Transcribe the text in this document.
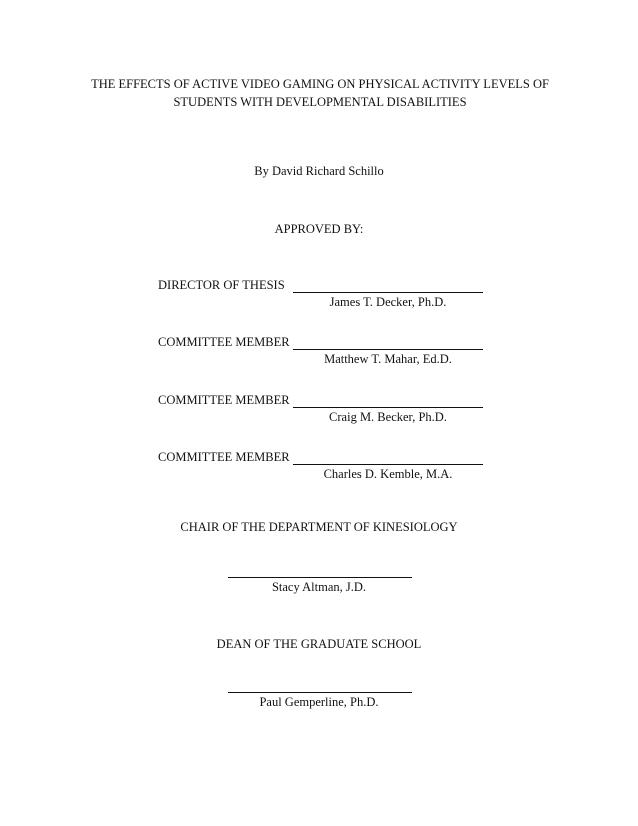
THE EFFECTS OF ACTIVE VIDEO GAMING ON PHYSICAL ACTIVITY LEVELS OF
STUDENTS WITH DEVELOPMENTAL DISABILITIES
By David Richard Schillo
APPROVED BY:
DIRECTOR OF THESIS
James T. Decker, Ph.D.
COMMITTEE MEMBER
Matthew T. Mahar, Ed.D.
COMMITTEE MEMBER
Craig M. Becker, Ph.D.
COMMITTEE MEMBER
Charles D. Kemble, M.A.
CHAIR OF THE DEPARTMENT OF KINESIOLOGY
Stacy Altman, J.D.
DEAN OF THE GRADUATE SCHOOL
Paul Gemperline, Ph.D.
